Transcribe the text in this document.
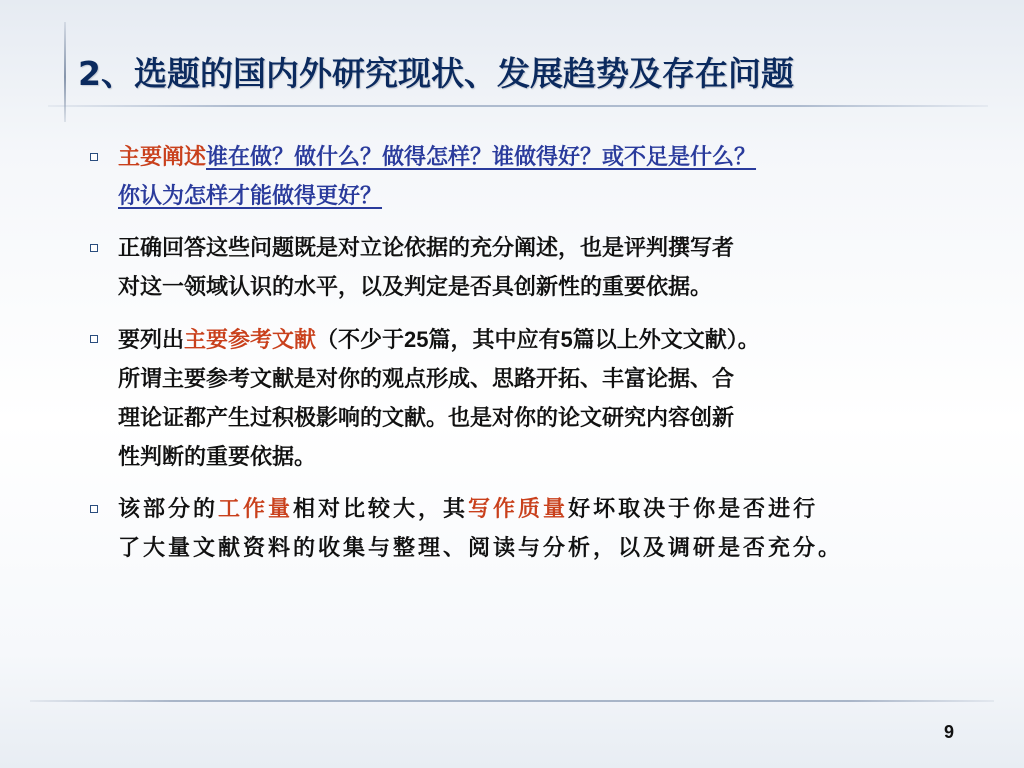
2、选题的国内外研究现状、发展趋势及存在问题
主要阐述谁在做？做什么？做得怎样？谁做得好？或不足是什么？
你认为怎样才能做得更好？
正确回答这些问题既是对立论依据的充分阐述，也是评判撰写者
对这一领域认识的水平，以及判定是否具创新性的重要依据。
要列出主要参考文献（不少于25篇，其中应有5篇以上外文文献）。
所谓主要参考文献是对你的观点形成、思路开拓、丰富论据、合
理论证都产生过积极影响的文献。也是对你的论文研究内容创新
性判断的重要依据。
该部分的工作量相对比较大，其写作质量好坏取决于你是否进行
了大量文献资料的收集与整理、阅读与分析，以及调研是否充分。
9
